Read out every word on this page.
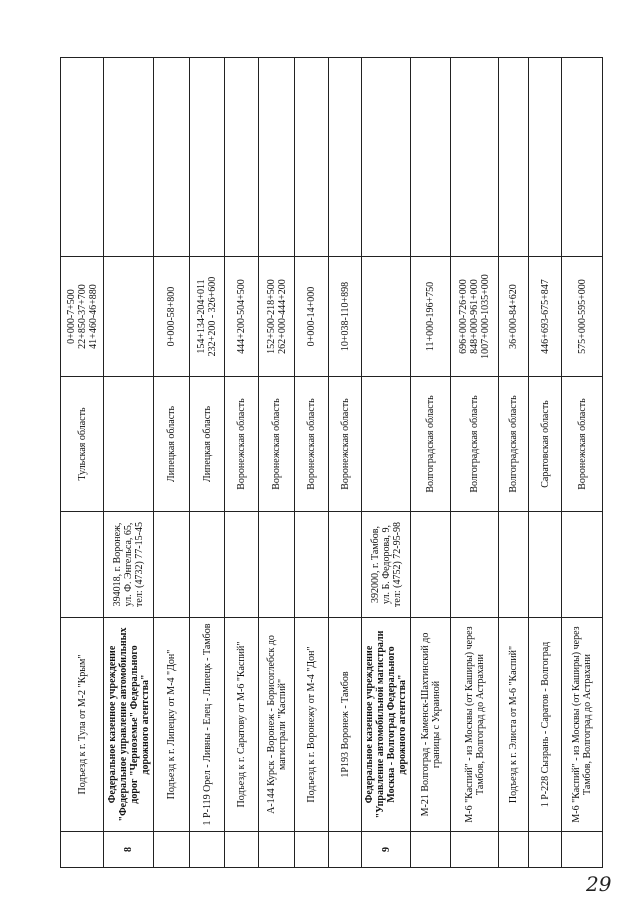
	Подъезд к г. Тула от М-2 "Крым"		Тульская область	0+000-7+500
22+850-37+700
41+460-46+880	
8	Федеральное казенное учреждение "Федеральное управление автомобильных дорог "Черноземье" Федерального дорожного агентства"	394018, г. Воронеж,
ул. Ф. Энгельса, 65,
тел: (4732) 77-15-45			
	Подъезд к г. Липецку от М-4 "Дон"		Липецкая область	0+000-58+800	
	1 Р-119 Орел - Ливны - Елец - Липецк - Тамбов		Липецкая область	154+134-204+011
232+200 - 326+600	
	Подъезд к г. Саратову от М-6 "Каспий"		Воронежская область	444+200-504+500	
	А-144 Курск - Воронеж - Борисоглебск до магистрали "Каспий"		Воронежская область	152+500-218+500
262+000-444+200	
	Подъезд к г. Воронежу от М-4 "Дон"		Воронежская область	0+000-14+000	
	1Р193 Воронеж - Тамбов		Воронежская область	10+038-110+898	
9	Федеральное казенное учреждение "Управление автомобильной магистрали Москва - Волгоград Федерального дорожного агентства"	392000, г. Тамбов,
ул. Б. Федорова, 9,
тел: (4752) 72-95-98			
	М-21 Волгоград - Каменск-Шахтинский до границы с Украиной		Волгоградская область	11+000-196+750	
	М-6 "Каспий" - из Москвы (от Каширы) через Тамбов, Волгоград до Астрахани		Волгоградская область	696+000-726+000
848+000-961+000
1007+000-1035+000	
	Подъезд к г. Элиста от М-6 "Каспий"		Волгоградская область	36+000-84+620	
	1 Р-228 Сызрань - Саратов - Волгоград		Саратовская область	446+693-675+847	
	М-6 "Каспий" - из Москвы (от Каширы) через Тамбов, Волгоград до Астрахани		Воронежская область	575+000-595+000	
29
